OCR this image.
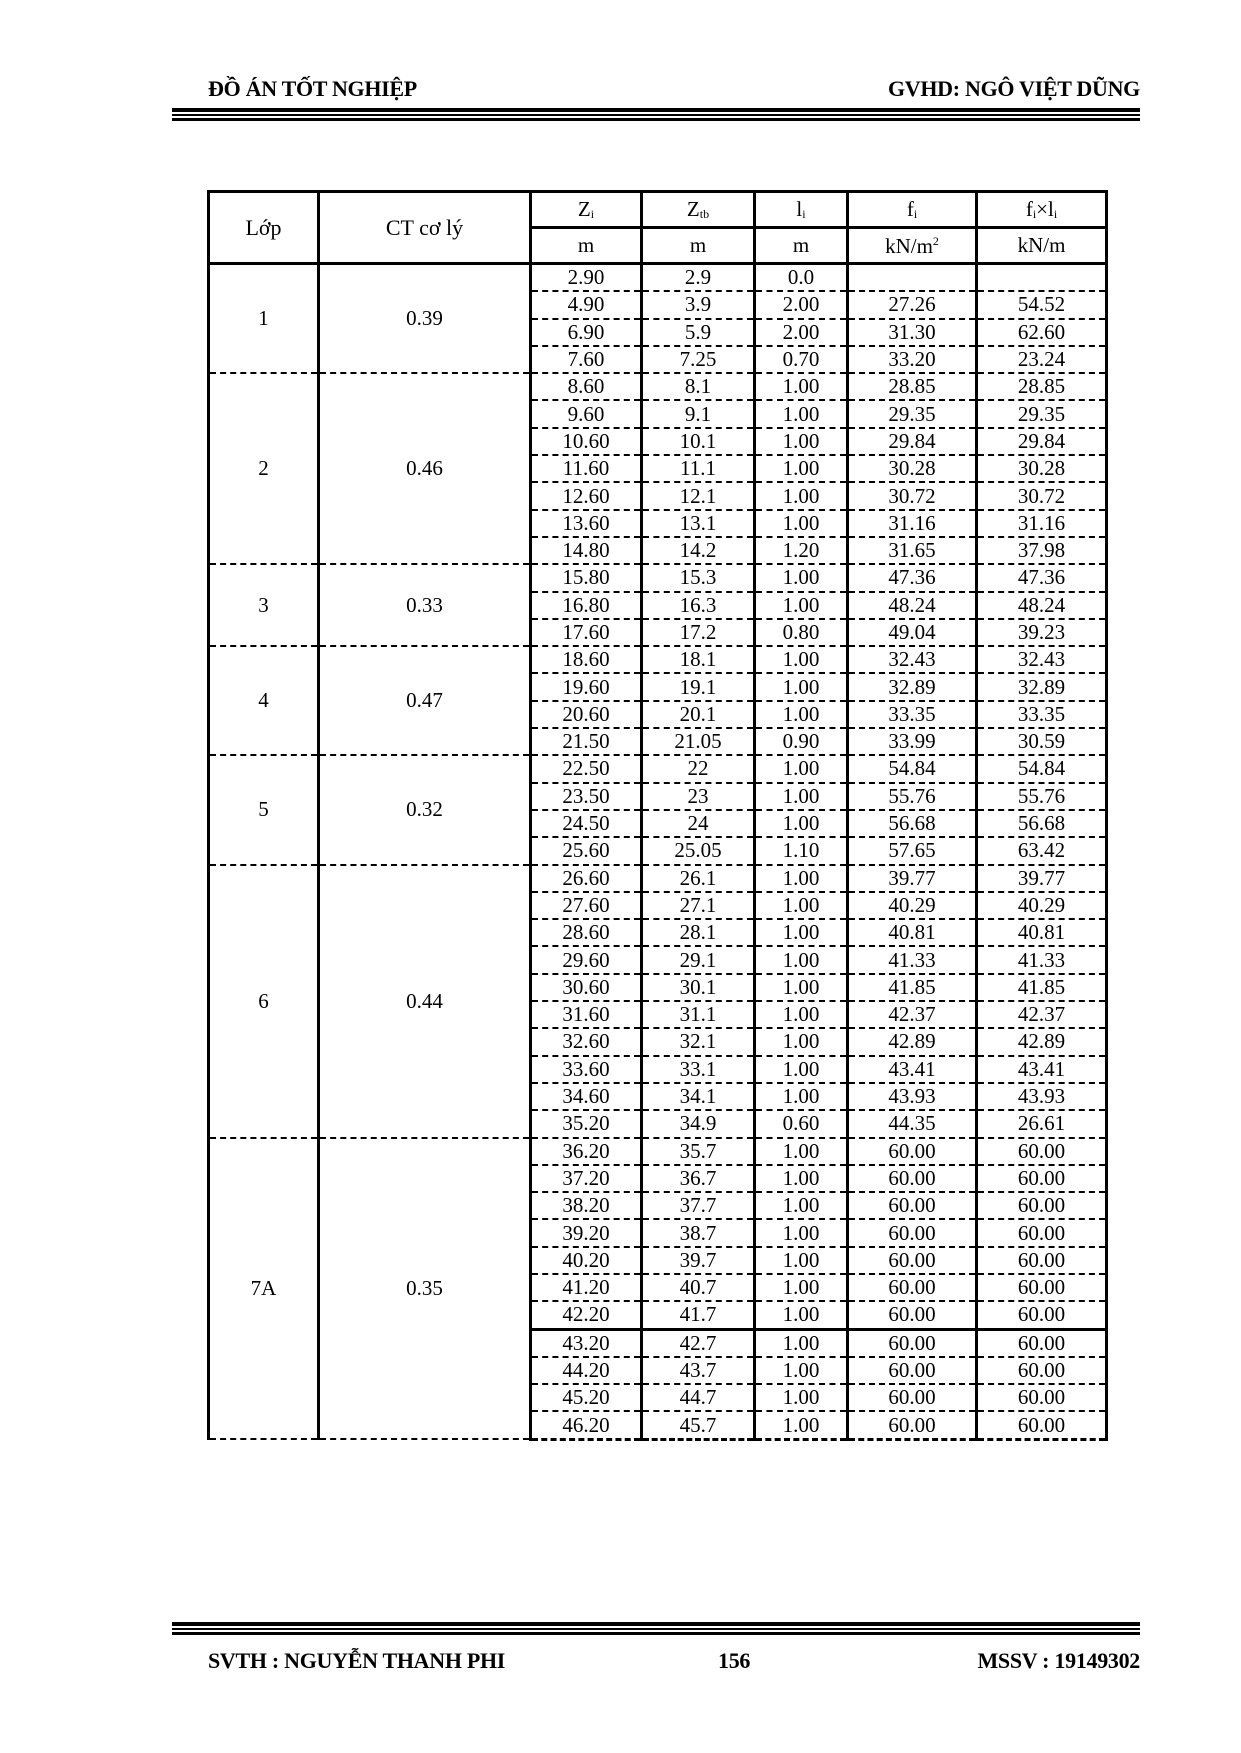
ĐỒ ÁN TỐT NGHIỆP	GVHD: NGÔ VIỆT DŨNG
Lớp	CT cơ lý	$Z_i$	$Z_{tb}$	$l_i$	$f_i$	$f_i\times l_i$
		m	m	m	$kN/m^2$	kN/m
1	0.39	2.90	2.9	0.0		
		4.90	3.9	2.00	27.26	54.52
		6.90	5.9	2.00	31.30	62.60
		7.60	7.25	0.70	33.20	23.24
2	0.46	8.60	8.1	1.00	28.85	28.85
		9.60	9.1	1.00	29.35	29.35
		10.60	10.1	1.00	29.84	29.84
		11.60	11.1	1.00	30.28	30.28
		12.60	12.1	1.00	30.72	30.72
		13.60	13.1	1.00	31.16	31.16
		14.80	14.2	1.20	31.65	37.98
3	0.33	15.80	15.3	1.00	47.36	47.36
		16.80	16.3	1.00	48.24	48.24
		17.60	17.2	0.80	49.04	39.23
4	0.47	18.60	18.1	1.00	32.43	32.43
		19.60	19.1	1.00	32.89	32.89
		20.60	20.1	1.00	33.35	33.35
		21.50	21.05	0.90	33.99	30.59
5	0.32	22.50	22	1.00	54.84	54.84
		23.50	23	1.00	55.76	55.76
		24.50	24	1.00	56.68	56.68
		25.60	25.05	1.10	57.65	63.42
6	0.44	26.60	26.1	1.00	39.77	39.77
		27.60	27.1	1.00	40.29	40.29
		28.60	28.1	1.00	40.81	40.81
		29.60	29.1	1.00	41.33	41.33
		30.60	30.1	1.00	41.85	41.85
		31.60	31.1	1.00	42.37	42.37
		32.60	32.1	1.00	42.89	42.89
		33.60	33.1	1.00	43.41	43.41
		34.60	34.1	1.00	43.93	43.93
		35.20	34.9	0.60	44.35	26.61
7A	0.35	36.20	35.7	1.00	60.00	60.00
		37.20	36.7	1.00	60.00	60.00
		38.20	37.7	1.00	60.00	60.00
		39.20	38.7	1.00	60.00	60.00
		40.20	39.7	1.00	60.00	60.00
		41.20	40.7	1.00	60.00	60.00
		42.20	41.7	1.00	60.00	60.00
		43.20	42.7	1.00	60.00	60.00
		44.20	43.7	1.00	60.00	60.00
		45.20	44.7	1.00	60.00	60.00
		46.20	45.7	1.00	60.00	60.00
SVTH : NGUYỄN THANH PHI	156	MSSV : 19149302
